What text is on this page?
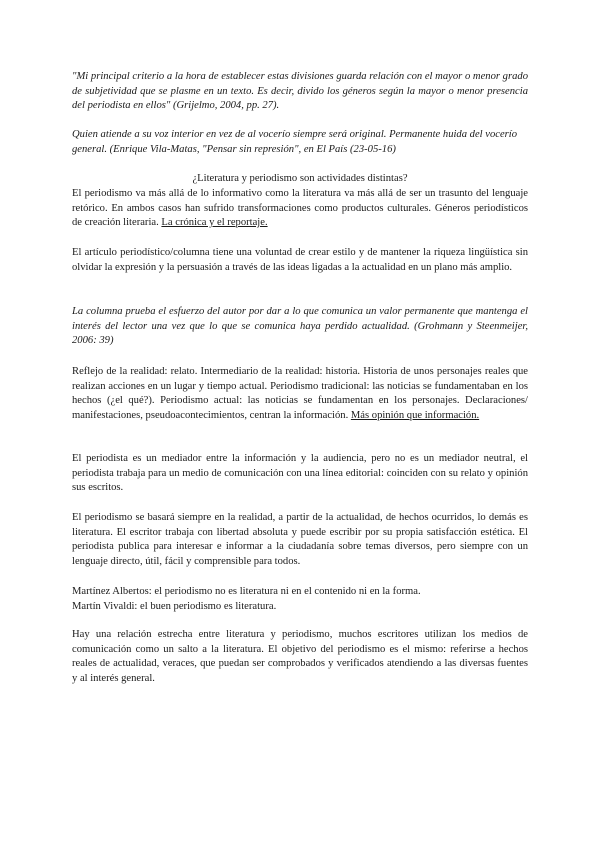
"Mi principal criterio a la hora de establecer estas divisiones guarda relación con el mayor o menor grado de subjetividad que se plasme en un texto. Es decir, divido los géneros según la mayor o menor presencia del periodista en ellos" (Grijelmo, 2004, pp. 27).

Quien atiende a su voz interior en vez de al vocerío siempre será original. Permanente huida del vocerío general. (Enrique Vila-Matas, "Pensar sin represión", en El País (23-05-16)

¿Literatura y periodismo son actividades distintas?

El periodismo va más allá de lo informativo como la literatura va más allá de ser un trasunto del lenguaje retórico. En ambos casos han sufrido transformaciones como productos culturales. Géneros periodísticos de creación literaria. La crónica y el reportaje.

El artículo periodístico/columna tiene una voluntad de crear estilo y de mantener la riqueza lingüística sin olvidar la expresión y la persuasión a través de las ideas ligadas a la actualidad en un plano más amplio.

La columna prueba el esfuerzo del autor por dar a lo que comunica un valor permanente que mantenga el interés del lector una vez que lo que se comunica haya perdido actualidad. (Grohmann y Steenmeijer, 2006: 39)

Reflejo de la realidad: relato. Intermediario de la realidad: historia. Historia de unos personajes reales que realizan acciones en un lugar y tiempo actual. Periodismo tradicional: las noticias se fundamentaban en los hechos (¿el qué?). Periodismo actual: las noticias se fundamentan en los personajes. Declaraciones/ manifestaciones, pseudoacontecimientos, centran la información. Más opinión que información.

El periodista es un mediador entre la información y la audiencia, pero no es un mediador neutral, el periodista trabaja para un medio de comunicación con una línea editorial: coinciden con su relato y opinión sus escritos.

El periodismo se basará siempre en la realidad, a partir de la actualidad, de hechos ocurridos, lo demás es literatura. El escritor trabaja con libertad absoluta y puede escribir por su propia satisfacción estética. El periodista publica para interesar e informar a la ciudadanía sobre temas diversos, pero siempre con un lenguaje directo, útil, fácil y comprensible para todos.

Martínez Albertos: el periodismo no es literatura ni en el contenido ni en la forma.
Martín Vivaldi: el buen periodismo es literatura.

Hay una relación estrecha entre literatura y periodismo, muchos escritores utilizan los medios de comunicación como un salto a la literatura. El objetivo del periodismo es el mismo: referirse a hechos reales de actualidad, veraces, que puedan ser comprobados y verificados atendiendo a las diversas fuentes y al interés general.
